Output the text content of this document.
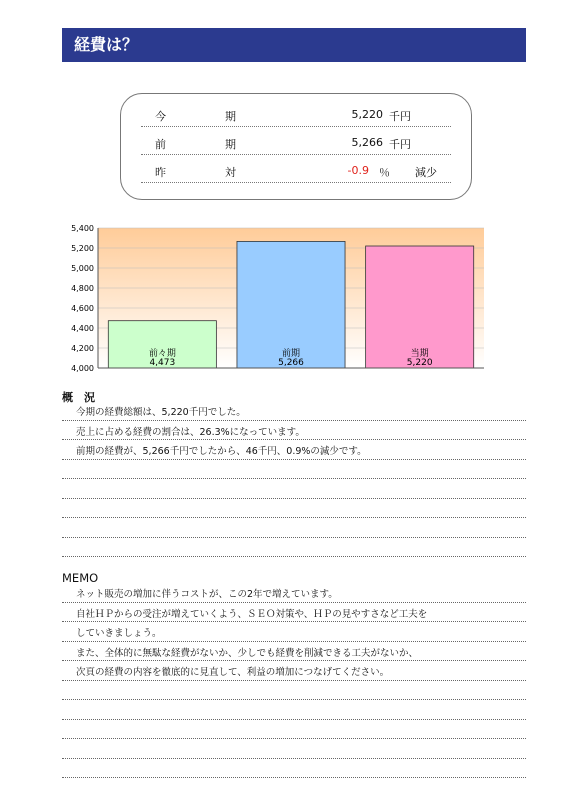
経費は？
今	期	5,220 千円
前	期	5,266 千円
昨	対	-0.9 ％ 減少
4,000
4,200
4,400
4,600
4,800
5,000
5,200
5,400
前々期
4,473
前期
5,266
当期
5,220
概　況
今期の経費総額は、5,220千円でした。
売上に占める経費の割合は、26.3%になっています。
前期の経費が、5,266千円でしたから、46千円、0.9%の減少です。
MEMO
ネット販売の増加に伴うコストが、この2年で増えています。
自社ＨＰからの受注が増えていくよう、ＳＥＯ対策や、ＨＰの見やすさなど工夫を
していきましょう。
また、全体的に無駄な経費がないか、少しでも経費を削減できる工夫がないか、
次頁の経費の内容を徹底的に見直して、利益の増加につなげてください。
